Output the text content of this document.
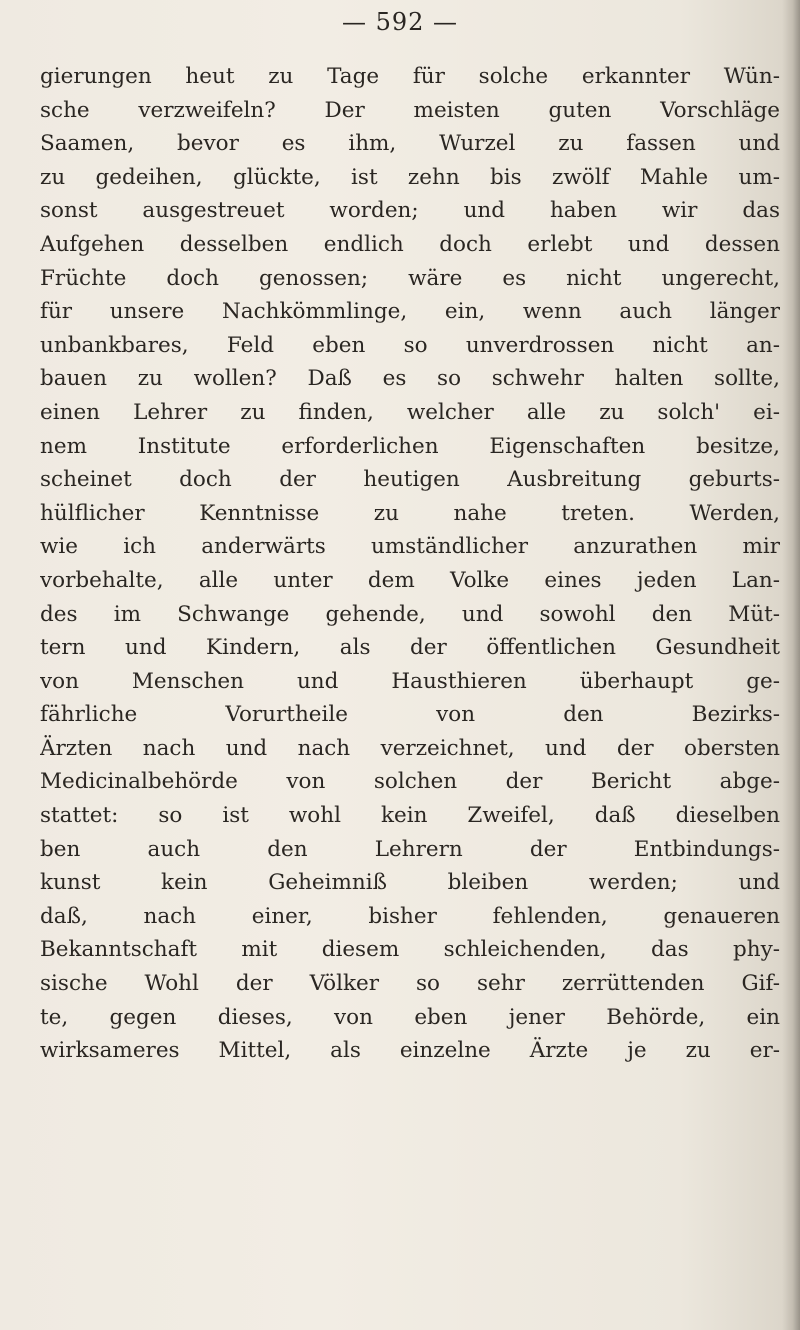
— 592 —
gierungen heut zu Tage für solche erkannter Wün-
sche verzweifeln? Der meisten guten Vorschläge
Saamen, bevor es ihm, Wurzel zu fassen und
zu gedeihen, glückte, ist zehn bis zwölf Mahle um-
sonst ausgestreuet worden; und haben wir das
Aufgehen desselben endlich doch erlebt und dessen
Früchte doch genossen; wäre es nicht ungerecht,
für unsere Nachkömmlinge, ein, wenn auch länger
unbankbares, Feld eben so unverdrossen nicht an-
bauen zu wollen? Daß es so schwehr halten sollte,
einen Lehrer zu finden, welcher alle zu solch' ei-
nem Institute erforderlichen Eigenschaften besitze,
scheinet doch der heutigen Ausbreitung geburts-
hülflicher Kenntnisse zu nahe treten. Werden,
wie ich anderwärts umständlicher anzurathen mir
vorbehalte, alle unter dem Volke eines jeden Lan-
des im Schwange gehende, und sowohl den Müt-
tern und Kindern, als der öffentlichen Gesundheit
von Menschen und Hausthieren überhaupt ge-
fährliche Vorurtheile von den Bezirks-
Ärzten nach und nach verzeichnet, und der obersten
Medicinalbehörde von solchen der Bericht abge-
stattet: so ist wohl kein Zweifel, daß dieselben
ben auch den Lehrern der Entbindungs-
kunst kein Geheimniß bleiben werden; und
daß, nach einer, bisher fehlenden, genaueren
Bekanntschaft mit diesem schleichenden, das phy-
sische Wohl der Völker so sehr zerrüttenden Gif-
te, gegen dieses, von eben jener Behörde, ein
wirksameres Mittel, als einzelne Ärzte je zu er-
